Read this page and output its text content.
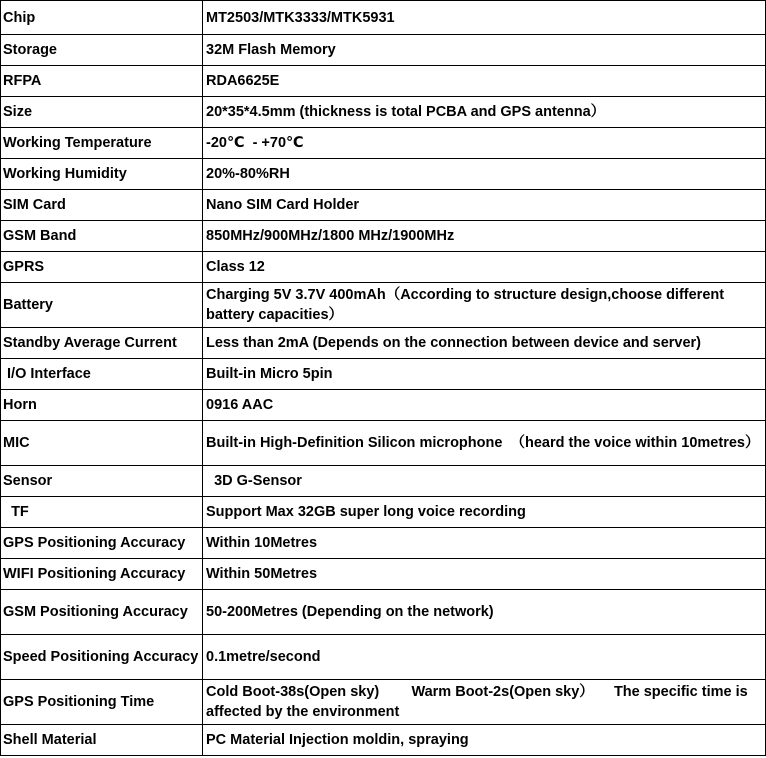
Chip	MT2503/MTK3333/MTK5931
Storage	32M Flash Memory
RFPA	RDA6625E
Size	20*35*4.5mm (thickness is total PCBA and GPS antenna）
Working Temperature	-20℃  - +70℃
Working Humidity	20%-80%RH
SIM Card	Nano SIM Card Holder
GSM Band	850MHz/900MHz/1800 MHz/1900MHz
GPRS	Class 12
Battery	Charging 5V 3.7V 400mAh（According to structure design,choose different battery capacities）
Standby Average Current	Less than 2mA (Depends on the connection between device and server)
I/O Interface	Built-in Micro 5pin
Horn	0916 AAC
MIC	Built-in High-Definition Silicon microphone  （heard the voice within 10metres）
Sensor	3D G-Sensor
TF	Support Max 32GB super long voice recording
GPS Positioning Accuracy	Within 10Metres
WIFI Positioning Accuracy	Within 50Metres
GSM Positioning Accuracy	50-200Metres (Depending on the network)
Speed Positioning Accuracy	0.1metre/second
GPS Positioning Time	Cold Boot-38s(Open sky)        Warm Boot-2s(Open sky）     The specific time is affected by the environment
Shell Material	PC Material Injection moldin, spraying
